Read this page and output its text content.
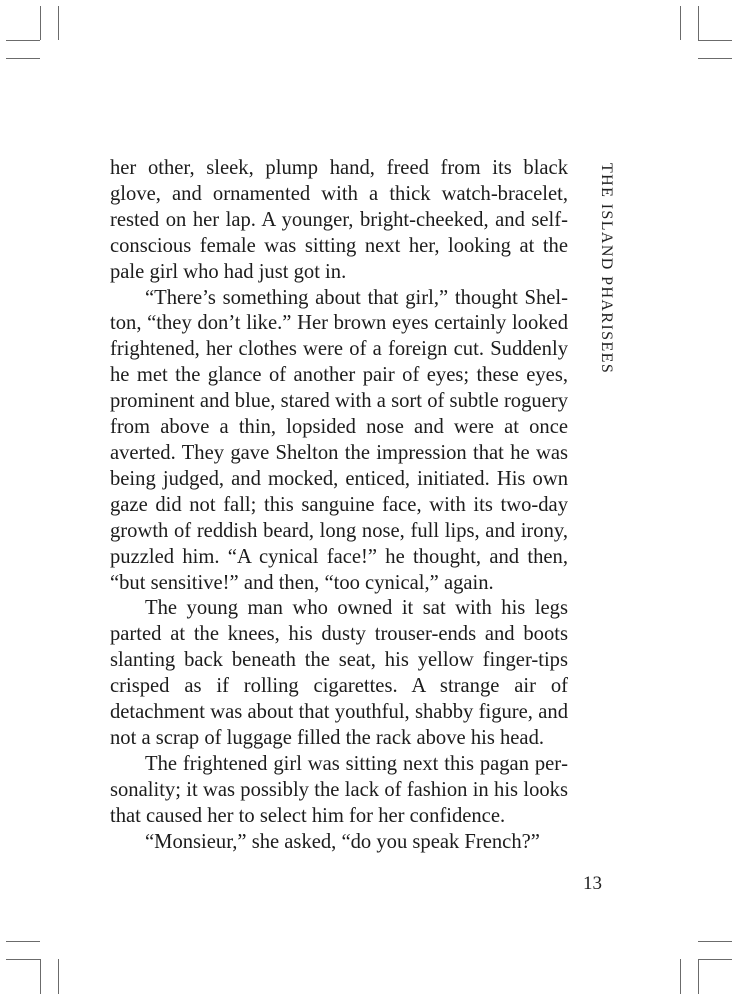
her other, sleek, plump hand, freed from its black glove, and ornamented with a thick watch-bracelet, rested on her lap. A younger, bright-cheeked, and self-conscious female was sitting next her, looking at the pale girl who had just got in.

“There’s something about that girl,” thought Shelton, “they don’t like.” Her brown eyes certainly looked frightened, her clothes were of a foreign cut. Suddenly he met the glance of another pair of eyes; these eyes, prominent and blue, stared with a sort of subtle roguery from above a thin, lopsided nose and were at once averted. They gave Shelton the impression that he was being judged, and mocked, enticed, initiated. His own gaze did not fall; this sanguine face, with its two-day growth of reddish beard, long nose, full lips, and irony, puzzled him. “A cynical face!” he thought, and then, “but sensitive!” and then, “too cynical,” again.

The young man who owned it sat with his legs parted at the knees, his dusty trouser-ends and boots slanting back beneath the seat, his yellow finger-tips crisped as if rolling cigarettes. A strange air of detachment was about that youthful, shabby figure, and not a scrap of luggage filled the rack above his head.

The frightened girl was sitting next this pagan personality; it was possibly the lack of fashion in his looks that caused her to select him for her confidence.

“Monsieur,” she asked, “do you speak French?”

THE ISLAND PHARISEES
13
